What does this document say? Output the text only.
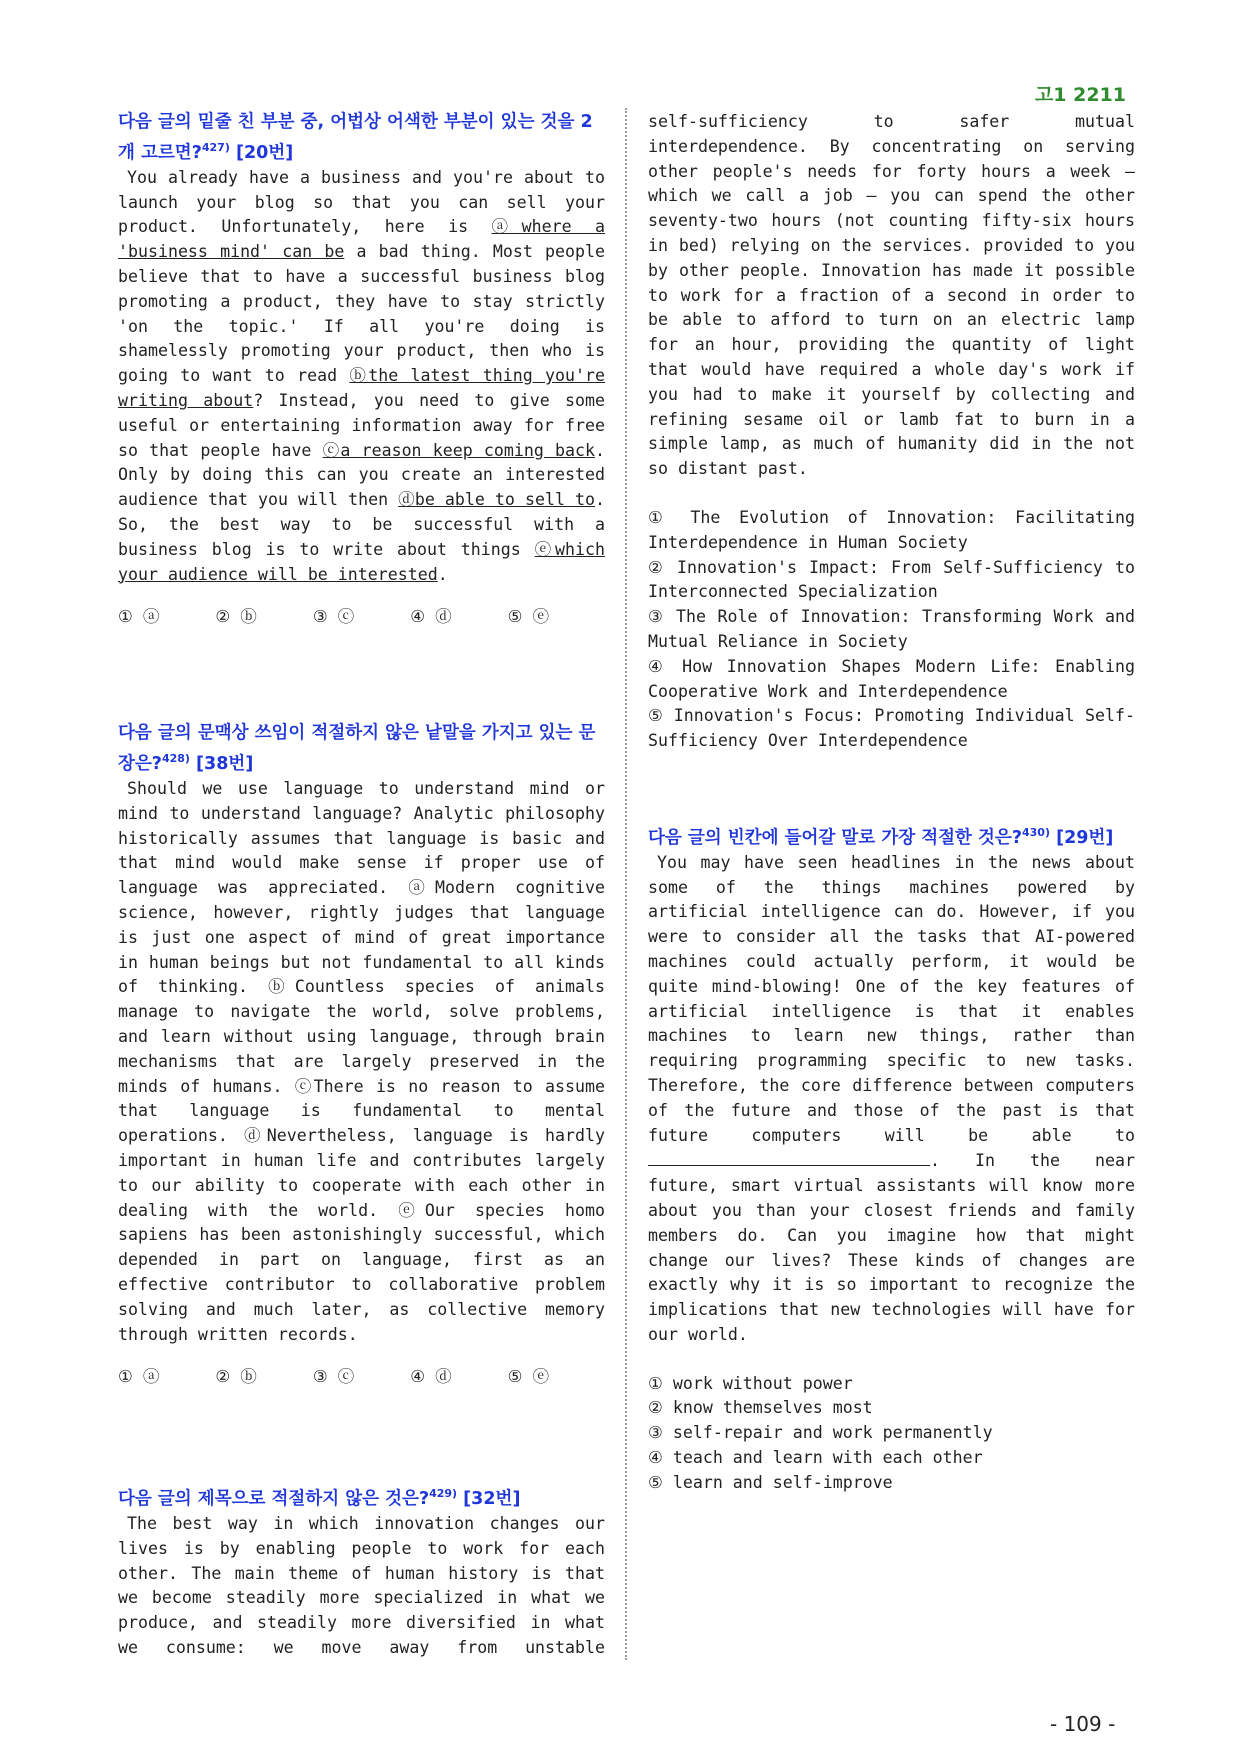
고1 2211

다음 글의 밑줄 친 부분 중, 어법상 어색한 부분이 있는 것을 2개 고르면?$^{427)}$ [20번]

You already have a business and you're about to launch your blog so that you can sell your product. Unfortunately, here is ⓐwhere a 'business mind' can be a bad thing. Most people believe that to have a successful business blog promoting a product, they have to stay strictly 'on the topic.' If all you're doing is shamelessly promoting your product, then who is going to want to read ⓑthe latest thing you're writing about? Instead, you need to give some useful or entertaining information away for free so that people have ⓒa reason keep coming back. Only by doing this can you create an interested audience that you will then ⓓbe able to sell to. So, the best way to be successful with a business blog is to write about things ⓔwhich your audience will be interested.

① ⓐ	② ⓑ	③ ⓒ	④ ⓓ	⑤ ⓔ

다음 글의 문맥상 쓰임이 적절하지 않은 낱말을 가지고 있는 문장은?$^{428)}$ [38번]

Should we use language to understand mind or mind to understand language? Analytic philosophy historically assumes that language is basic and that mind would make sense if proper use of language was appreciated. ⓐModern cognitive science, however, rightly judges that language is just one aspect of mind of great importance in human beings but not fundamental to all kinds of thinking. ⓑCountless species of animals manage to navigate the world, solve problems, and learn without using language, through brain mechanisms that are largely preserved in the minds of humans. ⓒThere is no reason to assume that language is fundamental to mental operations. ⓓNevertheless, language is hardly important in human life and contributes largely to our ability to cooperate with each other in dealing with the world. ⓔOur species homo sapiens has been astonishingly successful, which depended in part on language, first as an effective contributor to collaborative problem solving and much later, as collective memory through written records.

① ⓐ	② ⓑ	③ ⓒ	④ ⓓ	⑤ ⓔ

다음 글의 제목으로 적절하지 않은 것은?$^{429)}$ [32번]

The best way in which innovation changes our lives is by enabling people to work for each other. The main theme of human history is that we become steadily more specialized in what we produce, and steadily more diversified in what we consume: we move away from unstable

self-sufficiency to safer mutual interdependence. By concentrating on serving other people's needs for forty hours a week — which we call a job — you can spend the other seventy-two hours (not counting fifty-six hours in bed) relying on the services. provided to you by other people. Innovation has made it possible to work for a fraction of a second in order to be able to afford to turn on an electric lamp for an hour, providing the quantity of light that would have required a whole day's work if you had to make it yourself by collecting and refining sesame oil or lamb fat to burn in a simple lamp, as much of humanity did in the not so distant past.

① The Evolution of Innovation: Facilitating Interdependence in Human Society
② Innovation's Impact: From Self-Sufficiency to Interconnected Specialization
③ The Role of Innovation: Transforming Work and Mutual Reliance in Society
④ How Innovation Shapes Modern Life: Enabling Cooperative Work and Interdependence
⑤ Innovation's Focus: Promoting Individual Self-Sufficiency Over Interdependence

다음 글의 빈칸에 들어갈 말로 가장 적절한 것은?$^{430)}$ [29번]

You may have seen headlines in the news about some of the things machines powered by artificial intelligence can do. However, if you were to consider all the tasks that AI-powered machines could actually perform, it would be quite mind-blowing! One of the key features of artificial intelligence is that it enables machines to learn new things, rather than requiring programming specific to new tasks. Therefore, the core difference between computers of the future and those of the past is that future computers will be able to . In the near future, smart virtual assistants will know more about you than your closest friends and family members do. Can you imagine how that might change our lives? These kinds of changes are exactly why it is so important to recognize the implications that new technologies will have for our world.

① work without power
② know themselves most
③ self-repair and work permanently
④ teach and learn with each other
⑤ learn and self-improve
- 109 -
